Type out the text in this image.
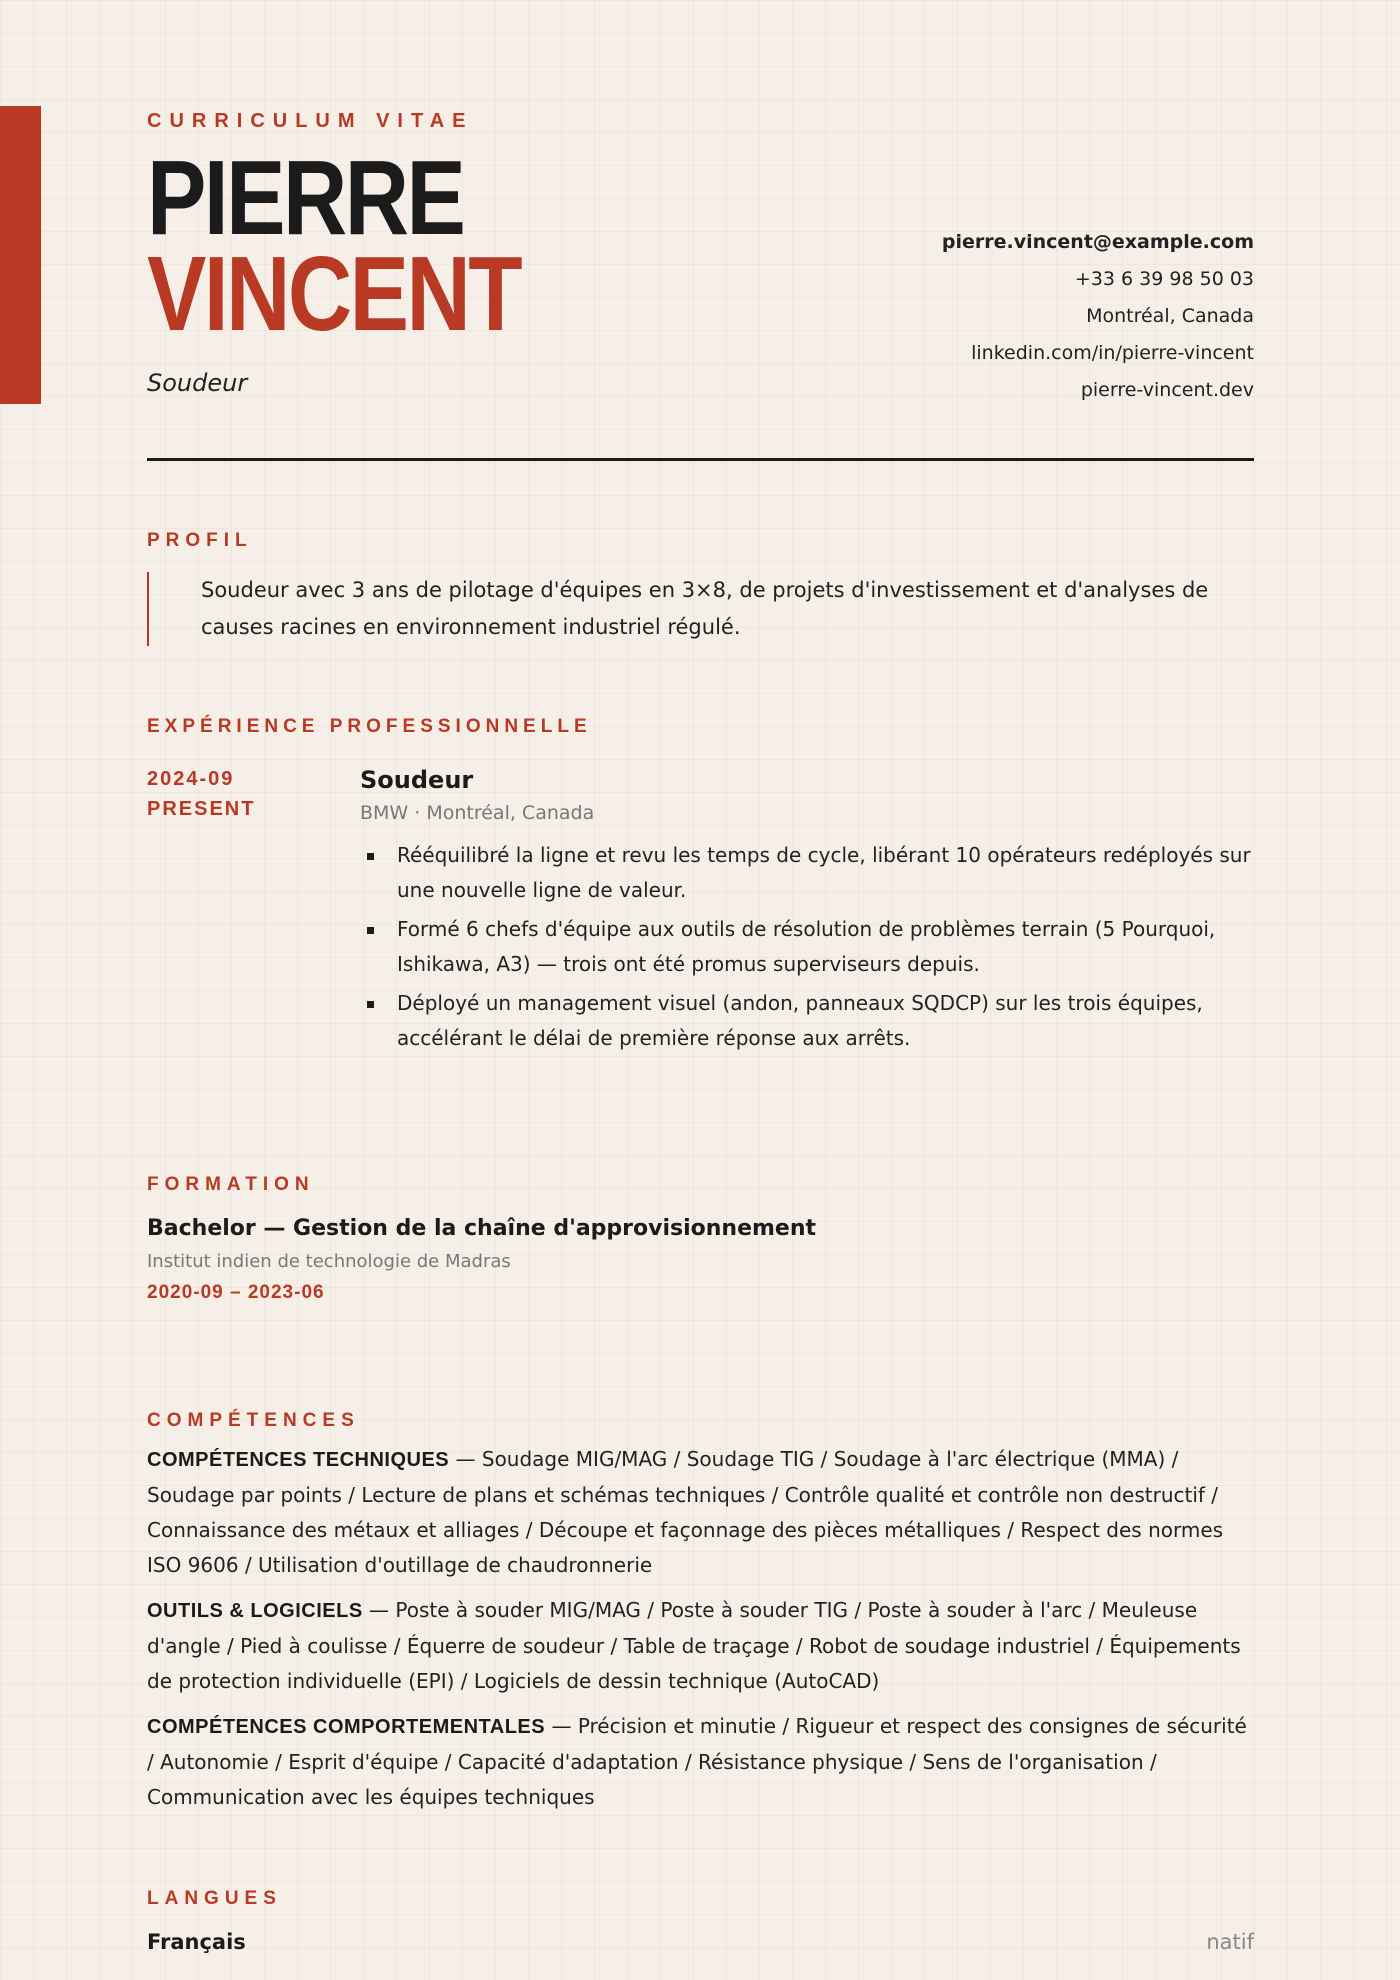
CURRICULUM VITAE
PIERRE
VINCENT
Soudeur
pierre.vincent@example.com
+33 6 39 98 50 03
Montréal, Canada
linkedin.com/in/pierre-vincent
pierre-vincent.dev
PROFIL
Soudeur avec 3 ans de pilotage d'équipes en 3×8, de projets d'investissement et d'analyses de causes racines en environnement industriel régulé.
EXPÉRIENCE PROFESSIONNELLE
2024-09
PRESENT
Soudeur
BMW · Montréal, Canada
Rééquilibré la ligne et revu les temps de cycle, libérant 10 opérateurs redéployés sur une nouvelle ligne de valeur.
Formé 6 chefs d'équipe aux outils de résolution de problèmes terrain (5 Pourquoi, Ishikawa, A3) — trois ont été promus superviseurs depuis.
Déployé un management visuel (andon, panneaux SQDCP) sur les trois équipes, accélérant le délai de première réponse aux arrêts.
FORMATION
Bachelor — Gestion de la chaîne d'approvisionnement
Institut indien de technologie de Madras
2020-09 – 2023-06
COMPÉTENCES
COMPÉTENCES TECHNIQUES — Soudage MIG/MAG / Soudage TIG / Soudage à l'arc électrique (MMA) / Soudage par points / Lecture de plans et schémas techniques / Contrôle qualité et contrôle non destructif / Connaissance des métaux et alliages / Découpe et façonnage des pièces métalliques / Respect des normes ISO 9606 / Utilisation d'outillage de chaudronnerie
OUTILS & LOGICIELS — Poste à souder MIG/MAG / Poste à souder TIG / Poste à souder à l'arc / Meuleuse d'angle / Pied à coulisse / Équerre de soudeur / Table de traçage / Robot de soudage industriel / Équipements de protection individuelle (EPI) / Logiciels de dessin technique (AutoCAD)
COMPÉTENCES COMPORTEMENTALES — Précision et minutie / Rigueur et respect des consignes de sécurité / Autonomie / Esprit d'équipe / Capacité d'adaptation / Résistance physique / Sens de l'organisation / Communication avec les équipes techniques
LANGUES
Français	natif
